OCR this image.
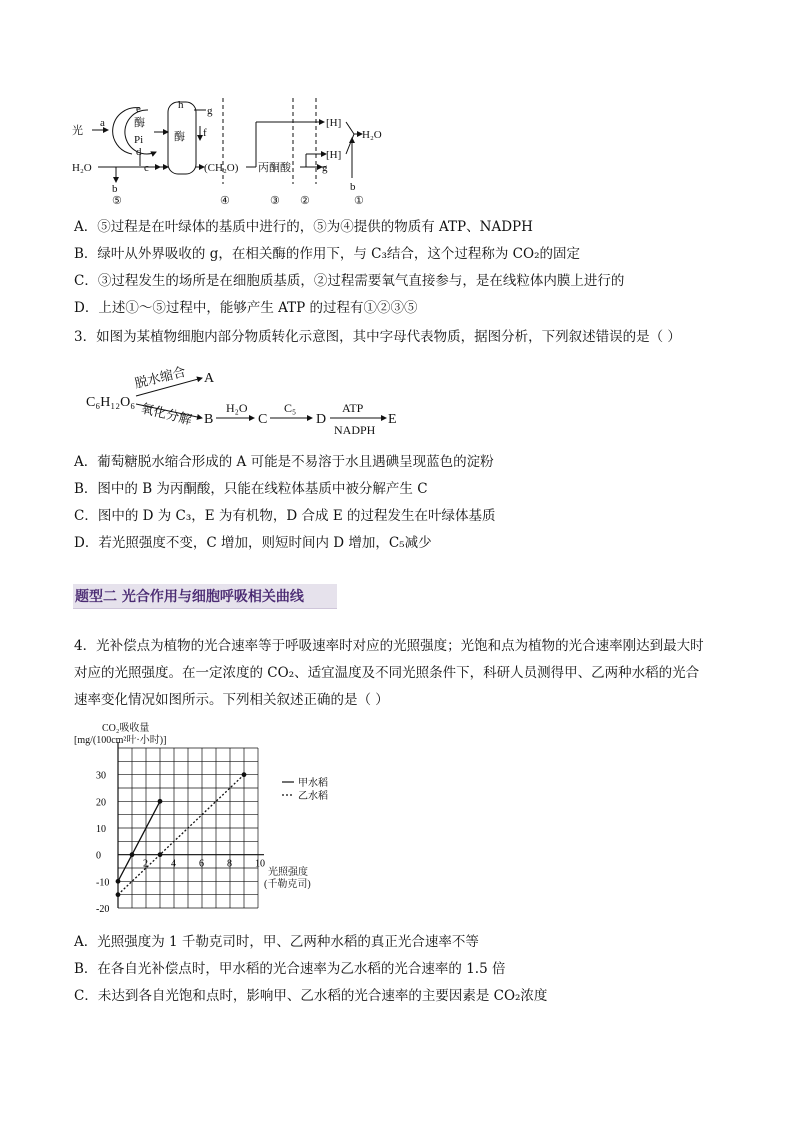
光
a
e
酶
Pi
d
H₂O	c
b
h g
f
酶
(CH₂O) 丙酮酸	g
[H]
[H]
H₂O
b
⑤	④	③ ②	①
A．⑤过程是在叶绿体的基质中进行的，⑤为④提供的物质有 ATP、NADPH
B．绿叶从外界吸收的 g，在相关酶的作用下，与 C₃结合，这个过程称为 CO₂的固定
C．③过程发生的场所是在细胞质基质，②过程需要氧气直接参与，是在线粒体内膜上进行的
D．上述①～⑤过程中，能够产生 ATP 的过程有①②③⑤
3．如图为某植物细胞内部分物质转化示意图，其中字母代表物质，据图分析，下列叙述错误的是（ ）
C₆H₁₂O₆
脱水缩合 A
氧化分解 B
H₂O
C
C₅
D
ATP
NADPH
E
A．葡萄糖脱水缩合形成的 A 可能是不易溶于水且遇碘呈现蓝色的淀粉
B．图中的 B 为丙酮酸，只能在线粒体基质中被分解产生 C
C．图中的 D 为 C₃，E 为有机物，D 合成 E 的过程发生在叶绿体基质
D．若光照强度不变，C 增加，则短时间内 D 增加，C₅减少
题型二 光合作用与细胞呼吸相关曲线
4．光补偿点为植物的光合速率等于呼吸速率时对应的光照强度；光饱和点为植物的光合速率刚达到最大时
对应的光照强度。在一定浓度的 CO₂、适宜温度及不同光照条件下，科研人员测得甲、乙两种水稻的光合
速率变化情况如图所示。下列相关叙述正确的是（ ）
2 4 6 8 10
30
20
10
0
-10
-20
CO₂吸收量
[mg/(100cm²叶·小时)]
光照强度
(千勒克司)
甲水稻
乙水稻
A．光照强度为 1 千勒克司时，甲、乙两种水稻的真正光合速率不等
B．在各自光补偿点时，甲水稻的光合速率为乙水稻的光合速率的 1.5 倍
C．未达到各自光饱和点时，影响甲、乙水稻的光合速率的主要因素是 CO₂浓度
